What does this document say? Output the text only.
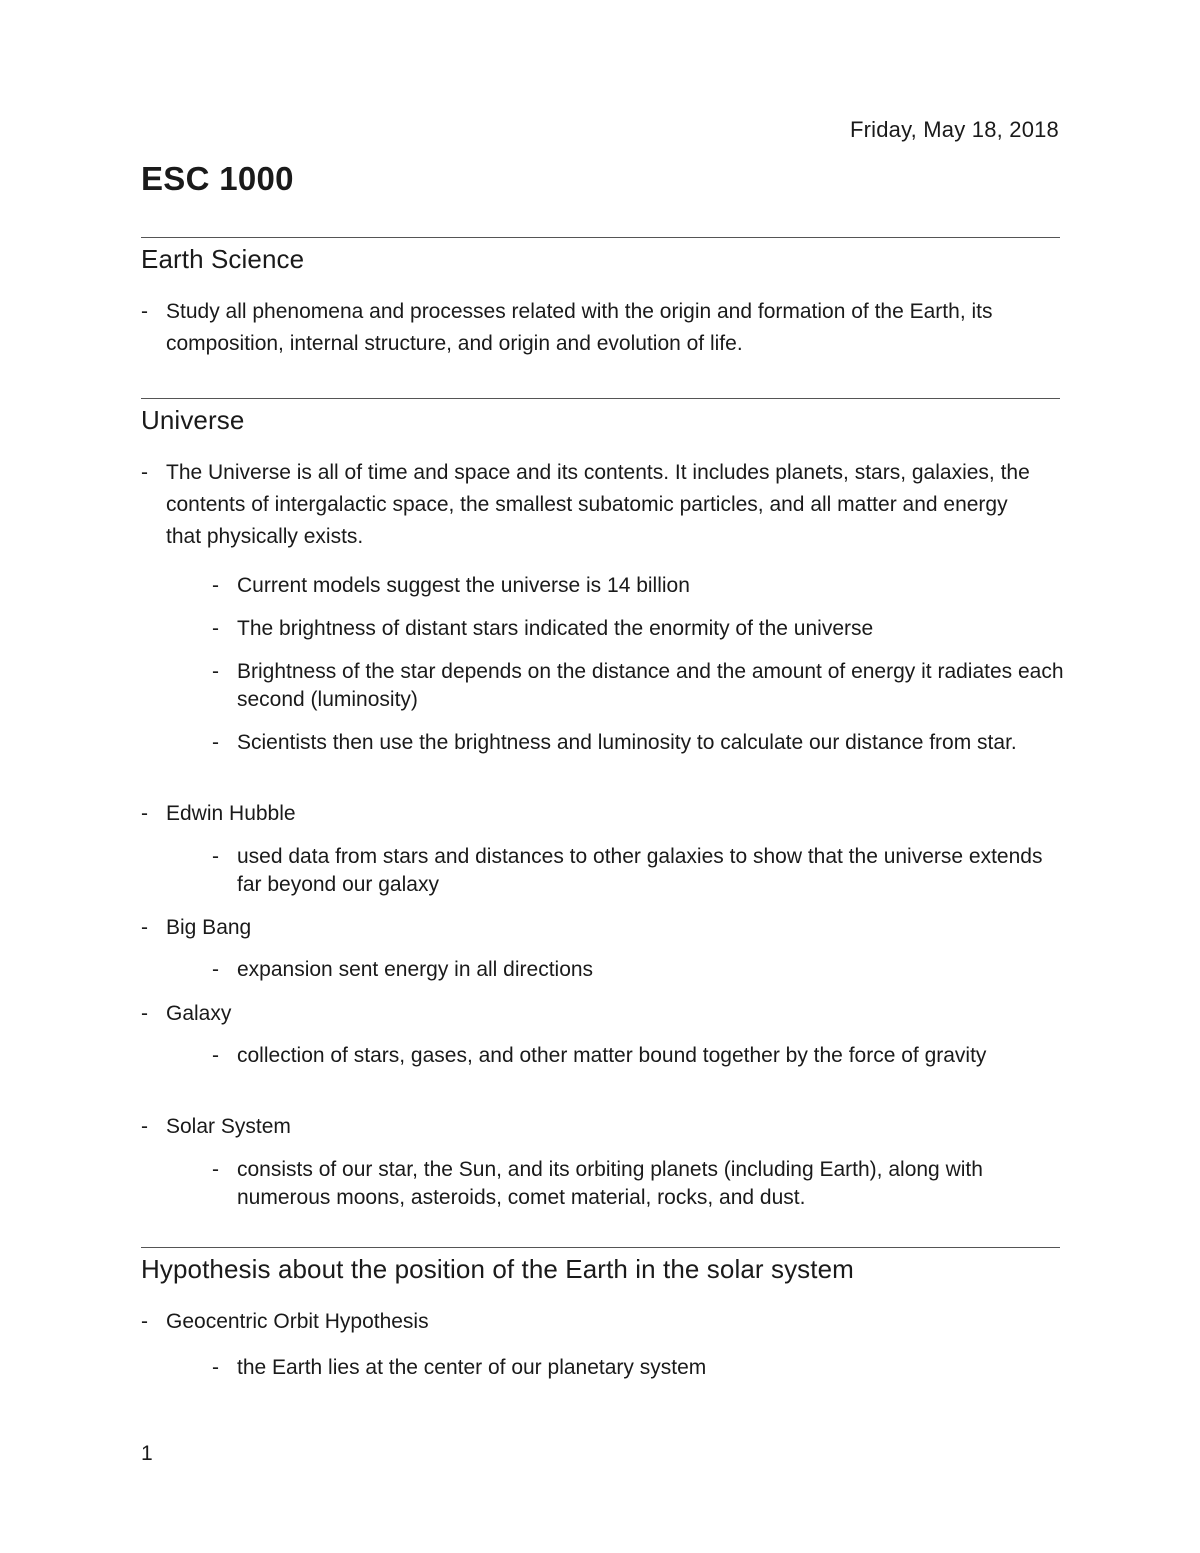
Friday, May 18, 2018
ESC 1000
Earth Science
- Study all phenomena and processes related with the origin and formation of the Earth, its composition, internal structure, and origin and evolution of life.
Universe
- The Universe is all of time and space and its contents. It includes planets, stars, galaxies, the contents of intergalactic space, the smallest subatomic particles, and all matter and energy that physically exists.
- Current models suggest the universe is 14 billion
- The brightness of distant stars indicated the enormity of the universe
- Brightness of the star depends on the distance and the amount of energy it radiates each second (luminosity)
- Scientists then use the brightness and luminosity to calculate our distance from star.
- Edwin Hubble
- used data from stars and distances to other galaxies to show that the universe extends far beyond our galaxy
- Big Bang
- expansion sent energy in all directions
- Galaxy
- collection of stars, gases, and other matter bound together by the force of gravity
- Solar System
- consists of our star, the Sun, and its orbiting planets (including Earth), along with numerous moons, asteroids, comet material, rocks, and dust.
Hypothesis about the position of the Earth in the solar system
- Geocentric Orbit Hypothesis
- the Earth lies at the center of our planetary system
1
